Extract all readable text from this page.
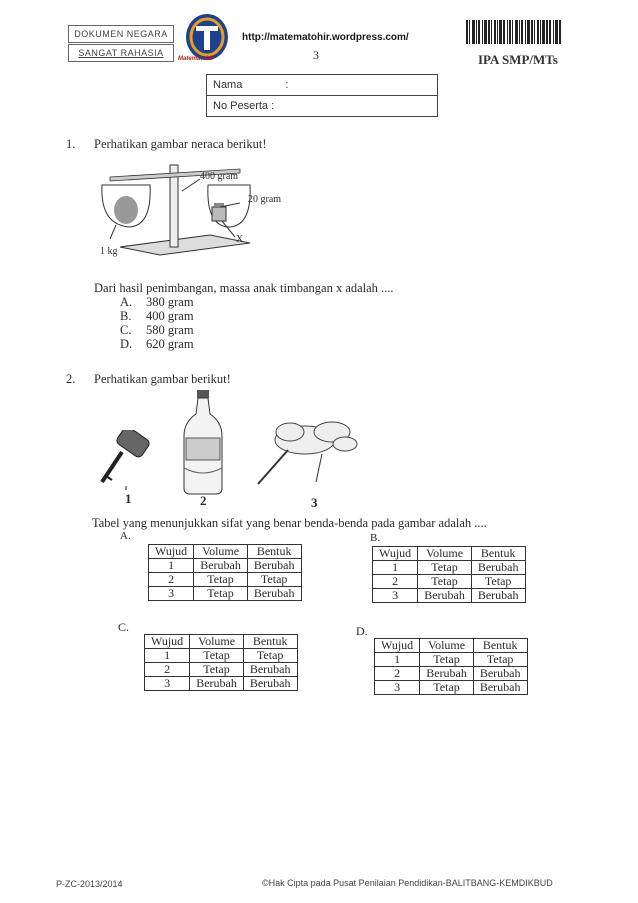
DOKUMEN NEGARA
SANGAT RAHASIA
Matematohir
http://matematohir.wordpress.com/
3	IPA SMP/MTs
Nama	:
No Peserta :
1. Perhatikan gambar neraca berikut!
400 gram
20 gram
1 kg
X
Dari hasil penimbangan, massa anak timbangan x adalah ....
A. 380 gram
B. 400 gram
C. 580 gram
D. 620 gram
2. Perhatikan gambar berikut!
1	2	3
Tabel yang menunjukkan sifat yang benar benda-benda pada gambar adalah ....
A.
Wujud	Volume	Bentuk
1	Berubah	Berubah
2	Tetap	Tetap
3	Tetap	Berubah
B.
Wujud	Volume	Bentuk
1	Tetap	Berubah
2	Tetap	Tetap
3	Berubah	Berubah
C.
Wujud	Volume	Bentuk
1	Tetap	Tetap
2	Tetap	Berubah
3	Berubah	Berubah
D.
Wujud	Volume	Bentuk
1	Tetap	Tetap
2	Berubah	Berubah
3	Tetap	Berubah
P-ZC-2013/2014	©Hak Cipta pada Pusat Penilaian Pendidikan-BALITBANG-KEMDIKBUD
